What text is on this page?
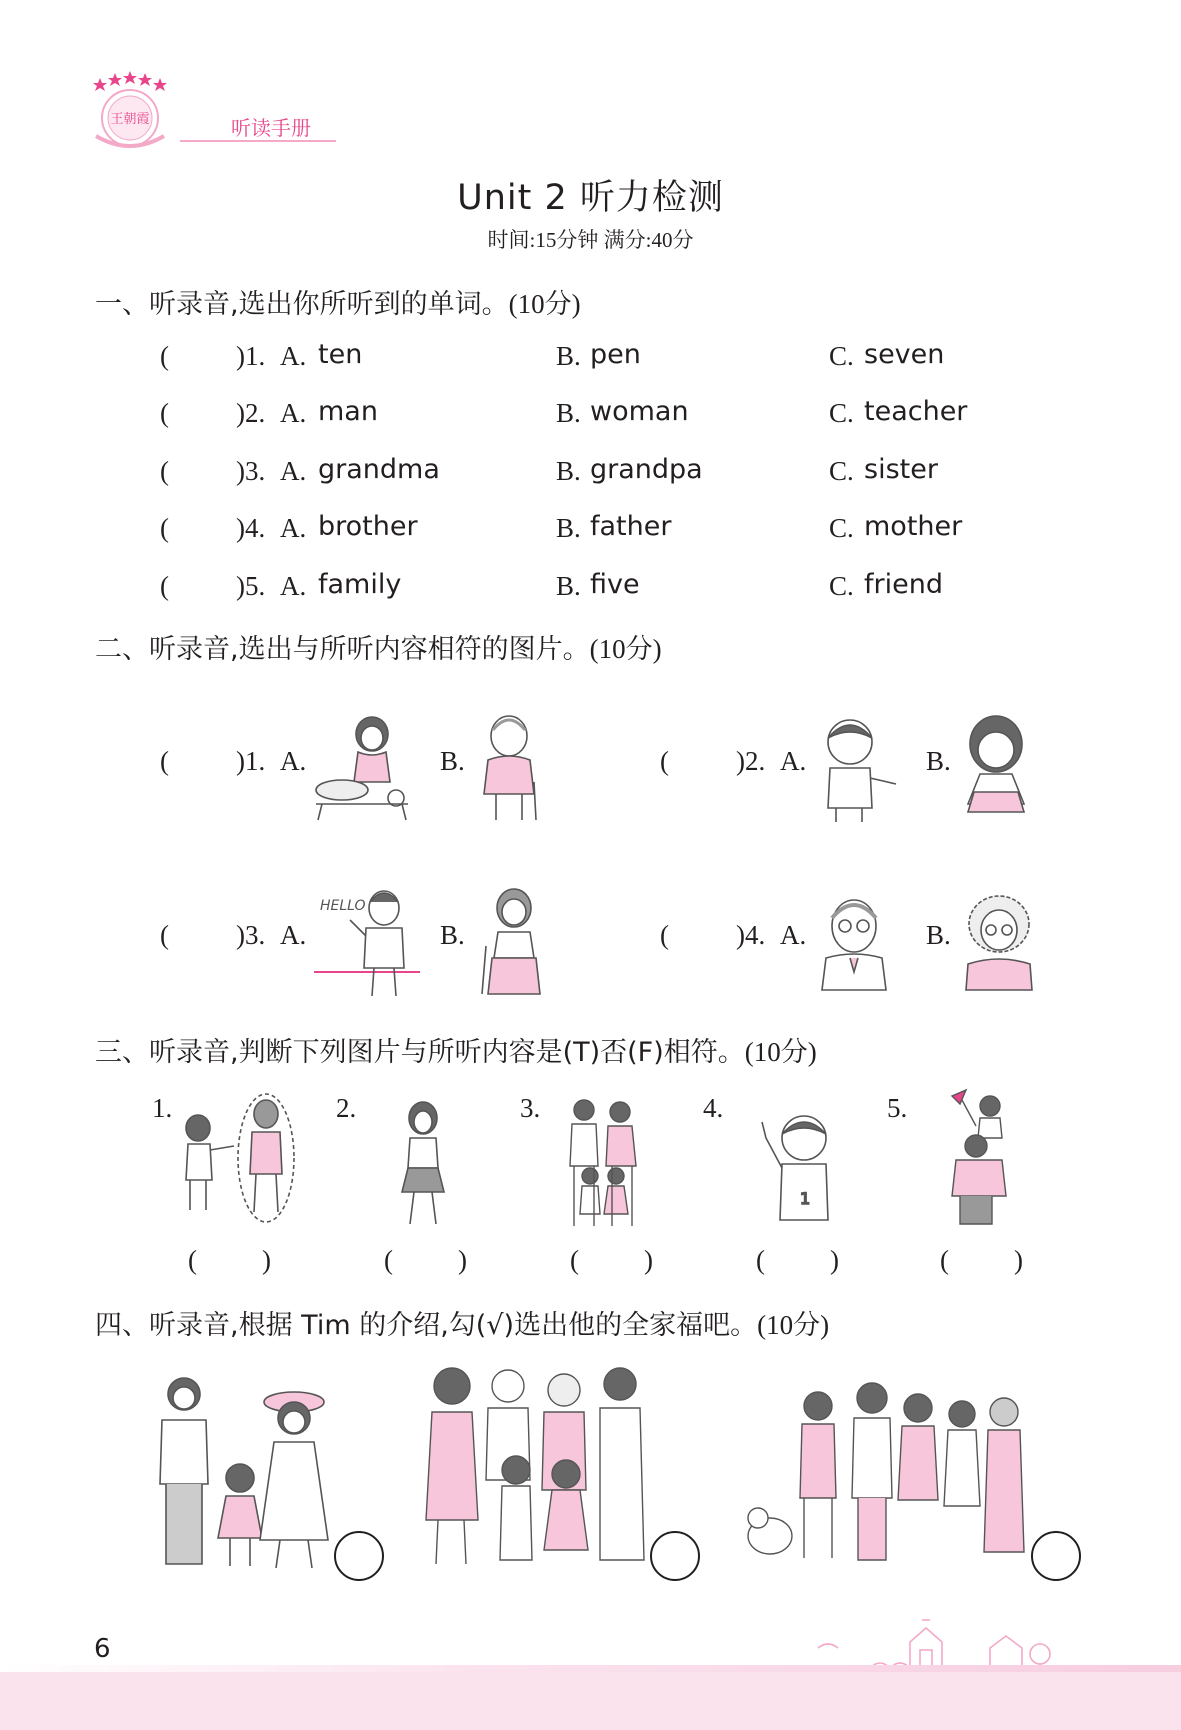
王朝霞	听读手册
Unit 2 听力检测
时间:15分钟 满分:40分
一、听录音,选出你所听到的单词。(10分)
( )1. A. ten	B. pen	C. seven
( )2. A. man	B. woman	C. teacher
( )3. A. grandma	B. grandpa	C. sister
( )4. A. brother	B. father	C. mother
( )5. A. family	B. five	C. friend
二、听录音,选出与所听内容相符的图片。(10分)
( )1. A.	B.	( )2. A.	B.
( )3. A.
HELLO
B.	( )4. A.	B.
三、听录音,判断下列图片与所听内容是(T)否(F)相符。(10分)
1.	2.	3.	4.	5.
1
( )	( )	( )	( )	( )
四、听录音,根据 Tim 的介绍,勾(√)选出他的全家福吧。(10分)
6
